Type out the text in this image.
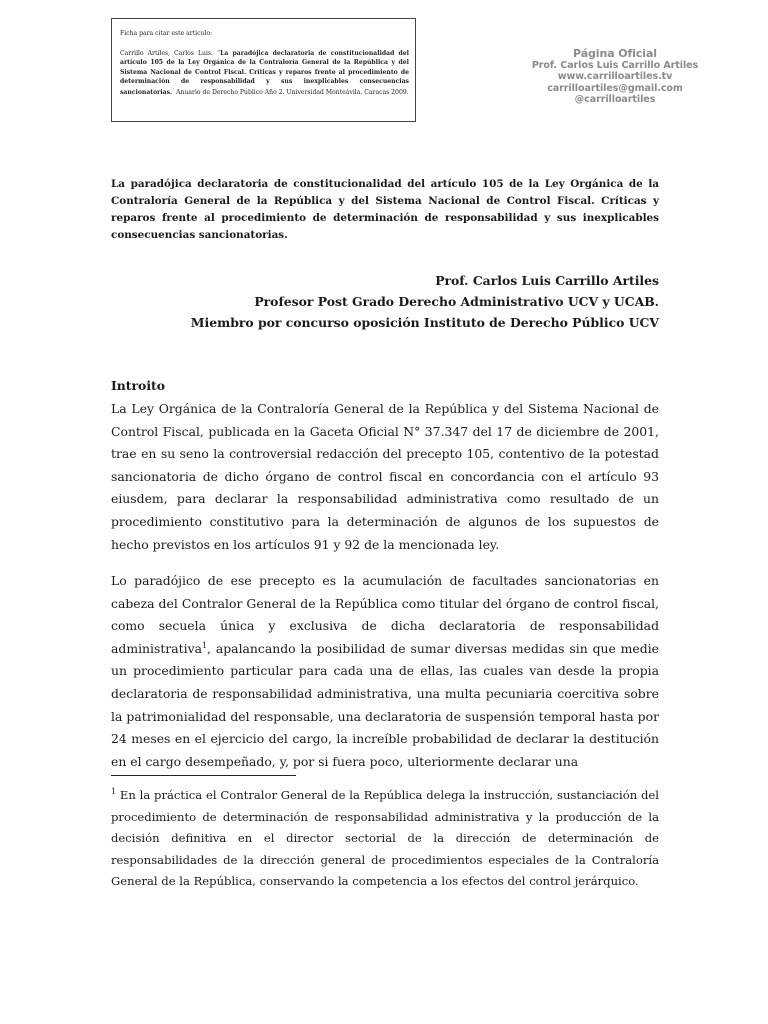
Ficha para citar este artículo:
Carrillo Artiles, Carlos Luis. “La paradójica declaratoria de constitucionalidad del artículo 105 de la Ley Orgánica de la Contraloría General de la República y del Sistema Nacional de Control Fiscal. Críticas y reparos frente al procedimiento de determinación de responsabilidad y sus inexplicables consecuencias sancionatorias.” Anuario de Derecho Público Año 2. Universidad Monteávila. Caracas 2009.
Página Oficial
Prof. Carlos Luis Carrillo Artiles
www.carrilloartiles.tv
carrilloartiles@gmail.com
@carrilloartiles
La paradójica declaratoria de constitucionalidad del artículo 105 de la Ley Orgánica de la Contraloría General de la República y del Sistema Nacional de Control Fiscal. Críticas y reparos frente al procedimiento de determinación de responsabilidad y sus inexplicables consecuencias sancionatorias.
Prof. Carlos Luis Carrillo Artiles
Profesor Post Grado Derecho Administrativo UCV y UCAB.
Miembro por concurso oposición Instituto de Derecho Público UCV
Introito
La Ley Orgánica de la Contraloría General de la República y del Sistema Nacional de Control Fiscal, publicada en la Gaceta Oficial N° 37.347 del 17 de diciembre de 2001, trae en su seno la controversial redacción del precepto 105, contentivo de la potestad sancionatoria de dicho órgano de control fiscal en concordancia con el artículo 93 eiusdem, para declarar la responsabilidad administrativa como resultado de un procedimiento constitutivo para la determinación de algunos de los supuestos de hecho previstos en los artículos 91 y 92 de la mencionada ley.
Lo paradójico de ese precepto es la acumulación de facultades sancionatorias en cabeza del Contralor General de la República como titular del órgano de control fiscal, como secuela única y exclusiva de dicha declaratoria de responsabilidad administrativa$^1$, apalancando la posibilidad de sumar diversas medidas sin que medie un procedimiento particular para cada una de ellas, las cuales van desde la propia declaratoria de responsabilidad administrativa, una multa pecuniaria coercitiva sobre la patrimonialidad del responsable, una declaratoria de suspensión temporal hasta por 24 meses en el ejercicio del cargo, la increíble probabilidad de declarar la destitución en el cargo desempeñado, y, por si fuera poco, ulteriormente declarar una
$^1$ En la práctica el Contralor General de la República delega la instrucción, sustanciación del procedimiento de determinación de responsabilidad administrativa y la producción de la decisión definitiva en el director sectorial de la dirección de determinación de responsabilidades de la dirección general de procedimientos especiales de la Contraloría General de la República, conservando la competencia a los efectos del control jerárquico.
